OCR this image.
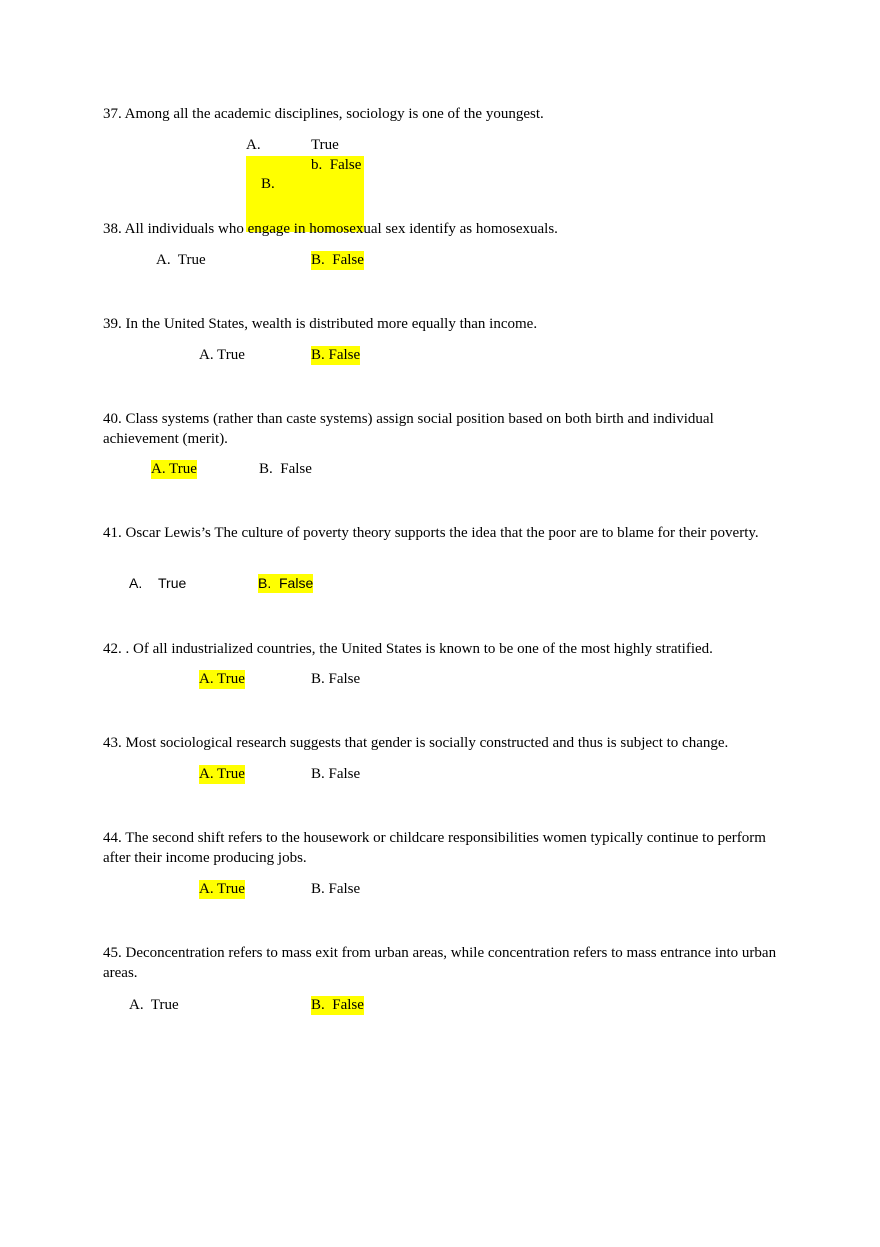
37. Among all the academic disciplines, sociology is one of the youngest.
A.	True

B.

b.  False

38. All individuals who engage in homosexual sex identify as homosexuals.
A.  True	B.  False
39. In the United States, wealth is distributed more equally than income.
A. True	B. False
40. Class systems (rather than caste systems) assign social position based on both birth and individual achievement (merit).
A. True	B.  False
41. Oscar Lewis’s The culture of poverty theory supports the idea that the poor are to blame for their poverty.
A. True	B.  False
42. . Of all industrialized countries, the United States is known to be one of the most highly stratified.
A. True	B. False
43. Most sociological research suggests that gender is socially constructed and thus is subject to change.
A. True	B. False
44. The second shift refers to the housework or childcare responsibilities women typically continue to perform after their income producing jobs.
A. True	B. False
45. Deconcentration refers to mass exit from urban areas, while concentration refers to mass entrance into urban areas.
A.  True	B.  False
